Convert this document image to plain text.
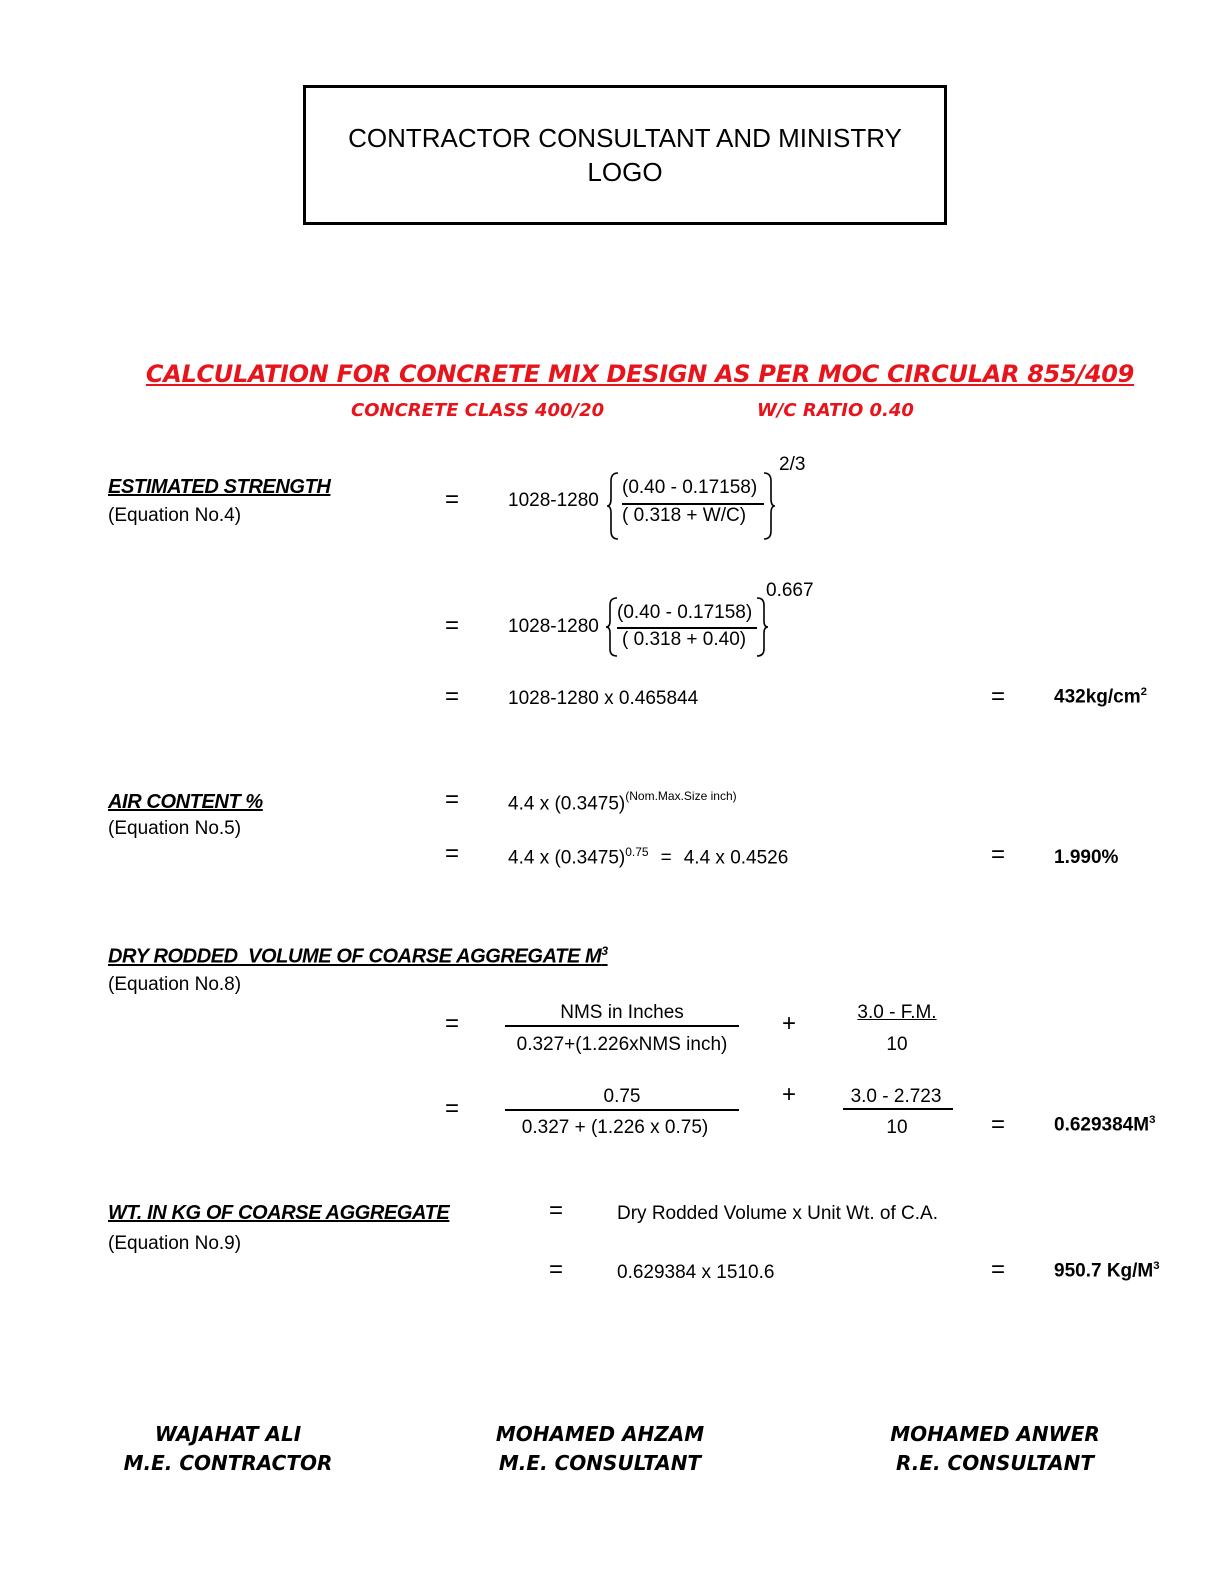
CONTRACTOR CONSULTANT AND MINISTRY
LOGO
CALCULATION FOR CONCRETE MIX DESIGN AS PER MOC CIRCULAR 855/409
CONCRETE CLASS 400/20	W/C RATIO 0.40
ESTIMATED STRENGTH
(Equation No.4)
=	1028-1280
(0.40 - 0.17158)
( 0.318 + W/C)
2/3
=	1028-1280
(0.40 - 0.17158)
( 0.318 + 0.40)
0.667
=	1028-1280 x 0.465844	=	$432kg/cm^2$
AIR CONTENT %
(Equation No.5)
=	4.4 x $(0.3475)^{(Nom.Max.Size inch)}$
=	4.4 x $(0.3475)^{0.75} = 4.4$ x 0.4526	=	1.990%
DRY RODDED  VOLUME OF COARSE AGGREGATE $M^3$
(Equation No.8)
=	NMS in Inches
0.327+(1.226xNMS inch)
+	3.0 - F.M.
10
=	0.75
0.327 + (1.226 x 0.75)
+	3.0 - 2.723
10	=	$0.629384M^3$
WT. IN KG OF COARSE AGGREGATE
(Equation No.9)
=	Dry Rodded Volume x Unit Wt. of C.A.
=	0.629384 x 1510.6	=	950.7 $Kg/M^3$
WAJAHAT ALI
M.E. CONTRACTOR
MOHAMED AHZAM
M.E. CONSULTANT
MOHAMED ANWER
R.E. CONSULTANT
